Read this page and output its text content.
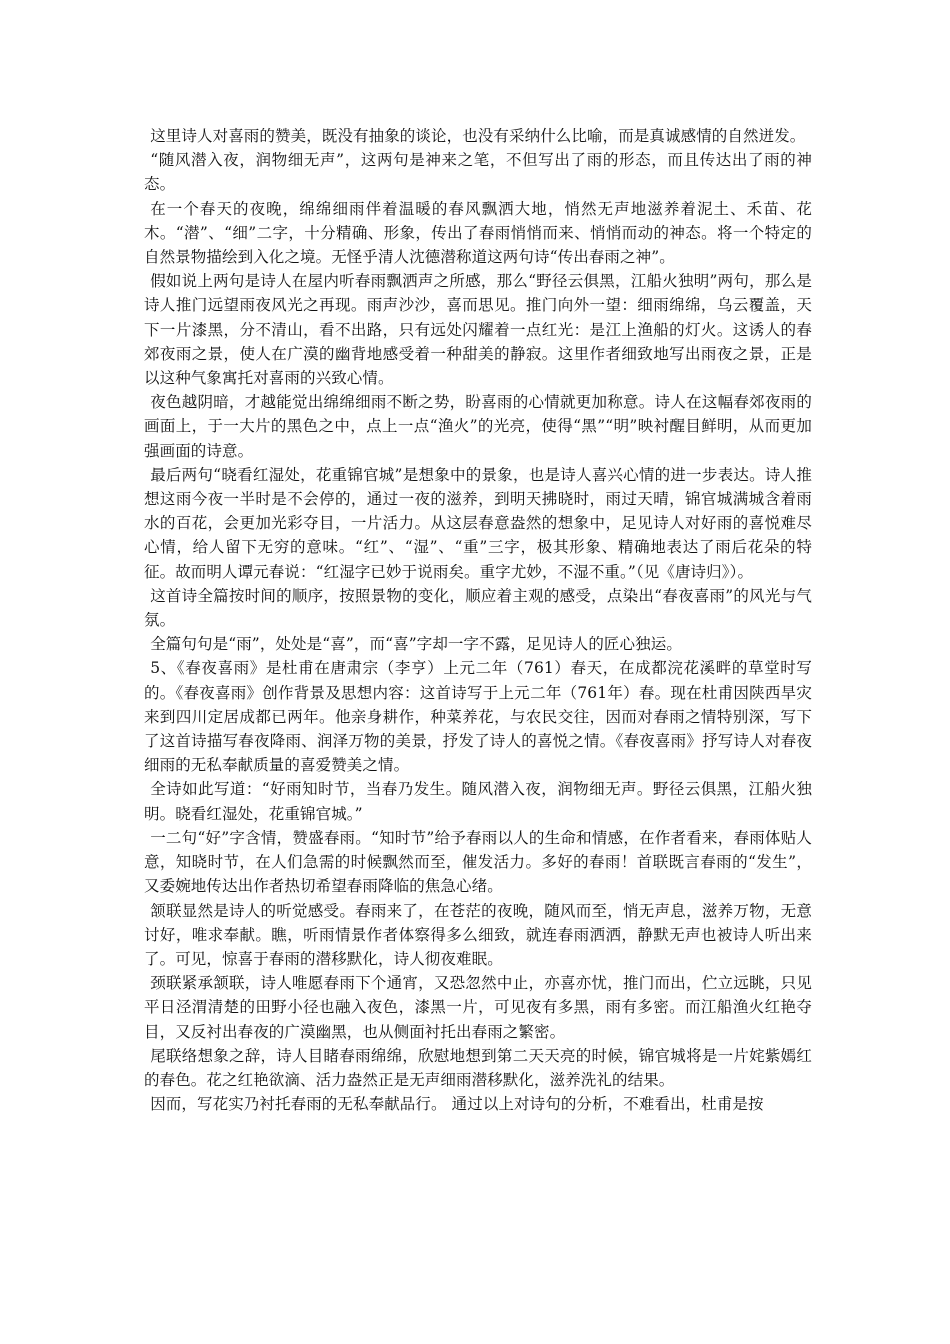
这里诗人对喜雨的赞美，既没有抽象的谈论，也没有采纳什么比喻，而是真诚感情的自然迸发。

“随风潜入夜，润物细无声”，这两句是神来之笔，不但写出了雨的形态，而且传达出了雨的神态。

在一个春天的夜晚，绵绵细雨伴着温暖的春风飘洒大地，悄然无声地滋养着泥土、禾苗、花木。“潜”、“细”二字，十分精确、形象，传出了春雨悄悄而来、悄悄而动的神态。将一个特定的自然景物描绘到入化之境。无怪乎清人沈德潜称道这两句诗“传出春雨之神”。

假如说上两句是诗人在屋内听春雨飘洒声之所感，那么“野径云俱黑，江船火独明”两句，那么是诗人推门远望雨夜风光之再现。雨声沙沙，喜而思见。推门向外一望：细雨绵绵，乌云覆盖，天下一片漆黑，分不清山，看不出路，只有远处闪耀着一点红光：是江上渔船的灯火。这诱人的春郊夜雨之景，使人在广漠的幽背地感受着一种甜美的静寂。这里作者细致地写出雨夜之景，正是以这种气象寓托对喜雨的兴致心情。

夜色越阴暗，才越能觉出绵绵细雨不断之势，盼喜雨的心情就更加称意。诗人在这幅春郊夜雨的画面上，于一大片的黑色之中，点上一点“渔火”的光亮，使得“黑”“明”映衬醒目鲜明，从而更加强画面的诗意。

最后两句“晓看红湿处，花重锦官城”是想象中的景象，也是诗人喜兴心情的进一步表达。诗人推想这雨今夜一半时是不会停的，通过一夜的滋养，到明天拂晓时，雨过天晴，锦官城满城含着雨水的百花，会更加光彩夺目，一片活力。从这层春意盎然的想象中，足见诗人对好雨的喜悦难尽心情，给人留下无穷的意味。“红”、“湿”、“重”三字，极其形象、精确地表达了雨后花朵的特征。故而明人谭元春说：“红湿字已妙于说雨矣。重字尤妙，不湿不重。”（见《唐诗归》）。

这首诗全篇按时间的顺序，按照景物的变化，顺应着主观的感受，点染出“春夜喜雨”的风光与气氛。

全篇句句是“雨”，处处是“喜”，而“喜”字却一字不露，足见诗人的匠心独运。

5、《春夜喜雨》是杜甫在唐肃宗（李亨）上元二年（761）春天，在成都浣花溪畔的草堂时写的。《春夜喜雨》创作背景及思想内容：这首诗写于上元二年（761年）春。现在杜甫因陕西旱灾来到四川定居成都已两年。他亲身耕作，种菜养花，与农民交往，因而对春雨之情特别深，写下了这首诗描写春夜降雨、润泽万物的美景，抒发了诗人的喜悦之情。《春夜喜雨》抒写诗人对春夜细雨的无私奉献质量的喜爱赞美之情。

全诗如此写道：“好雨知时节，当春乃发生。随风潜入夜，润物细无声。野径云俱黑，江船火独明。晓看红湿处，花重锦官城。”

一二句“好”字含情，赞盛春雨。“知时节”给予春雨以人的生命和情感，在作者看来，春雨体贴人意，知晓时节，在人们急需的时候飘然而至，催发活力。多好的春雨！首联既言春雨的“发生”，又委婉地传达出作者热切希望春雨降临的焦急心绪。

颔联显然是诗人的听觉感受。春雨来了，在苍茫的夜晚，随风而至，悄无声息，滋养万物，无意讨好，唯求奉献。瞧，听雨情景作者体察得多么细致，就连春雨洒洒，静默无声也被诗人听出来了。可见，惊喜于春雨的潜移默化，诗人彻夜难眠。

颈联紧承颔联，诗人唯愿春雨下个通宵，又恐忽然中止，亦喜亦忧，推门而出，伫立远眺，只见平日泾渭清楚的田野小径也融入夜色，漆黑一片，可见夜有多黑，雨有多密。而江船渔火红艳夺目，又反衬出春夜的广漠幽黑，也从侧面衬托出春雨之繁密。

尾联络想象之辞，诗人目睹春雨绵绵，欣慰地想到第二天天亮的时候，锦官城将是一片姹紫嫣红的春色。花之红艳欲滴、活力盎然正是无声细雨潜移默化，滋养洗礼的结果。

因而，写花实乃衬托春雨的无私奉献品行。 通过以上对诗句的分析，不难看出，杜甫是按
